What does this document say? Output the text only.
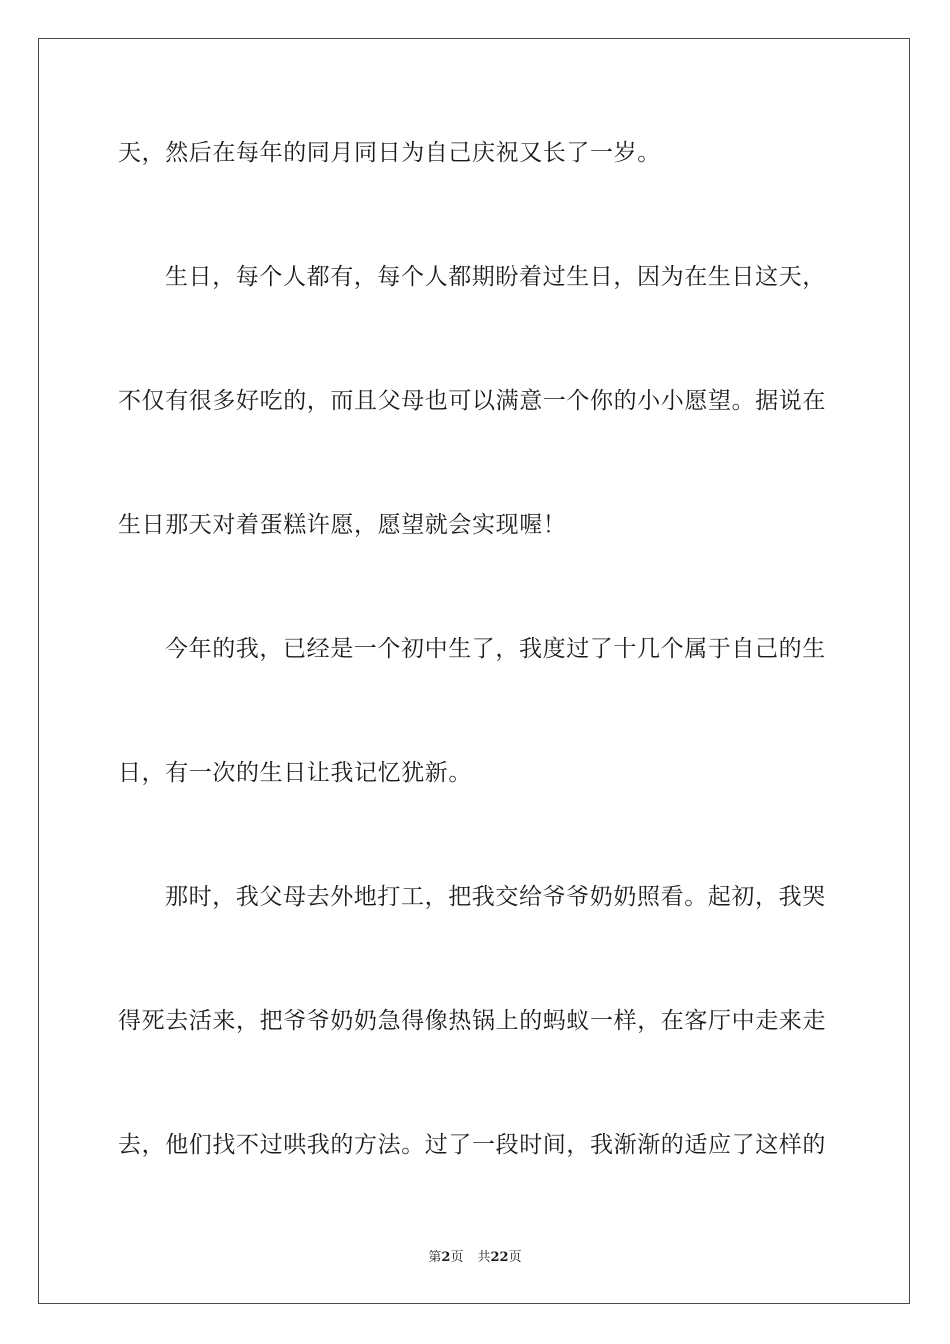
天，然后在每年的同月同日为自己庆祝又长了一岁。
生日，每个人都有，每个人都期盼着过生日，因为在生日这天，
不仅有很多好吃的，而且父母也可以满意一个你的小小愿望。据说在
生日那天对着蛋糕许愿，愿望就会实现喔！
今年的我，已经是一个初中生了，我度过了十几个属于自己的生
日，有一次的生日让我记忆犹新。
那时，我父母去外地打工，把我交给爷爷奶奶照看。起初，我哭
得死去活来，把爷爷奶奶急得像热锅上的蚂蚁一样，在客厅中走来走
去，他们找不过哄我的方法。过了一段时间，我渐渐的适应了这样的
第2页 共22页
